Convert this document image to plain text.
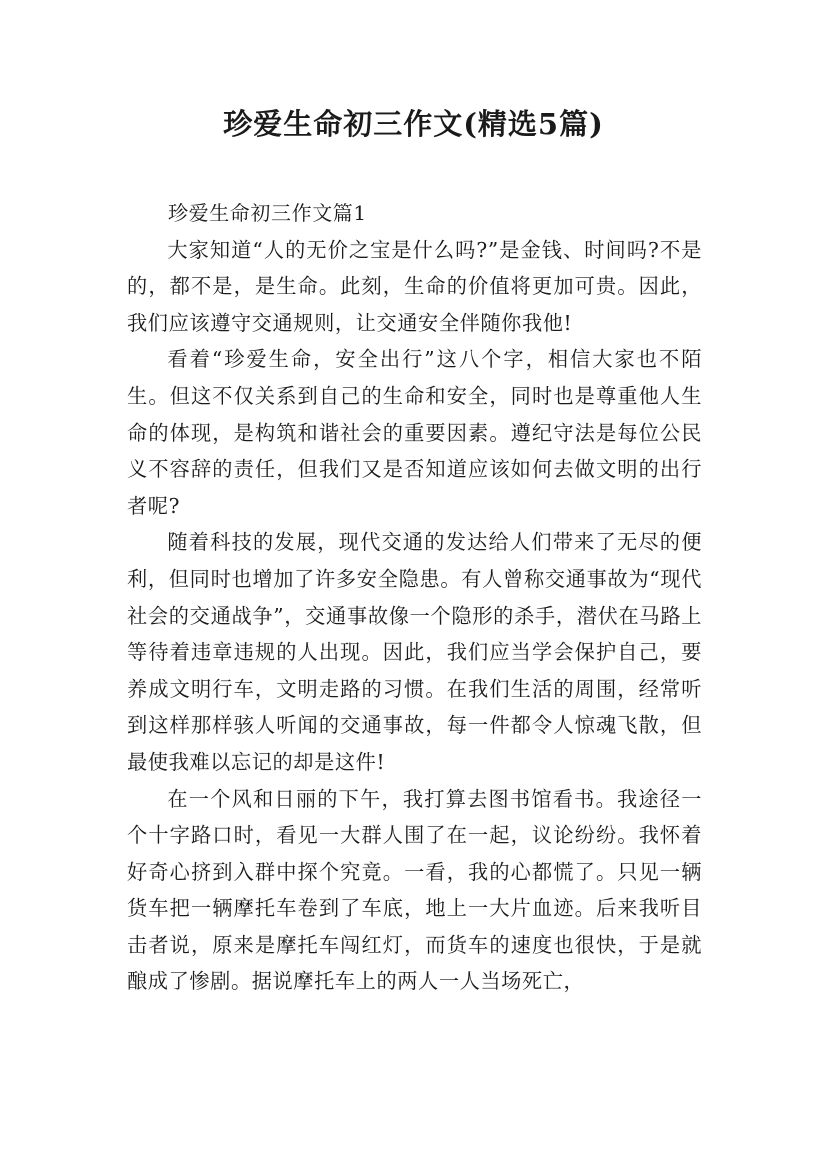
珍爱生命初三作文(精选5篇)
珍爱生命初三作文篇1

大家知道“人的无价之宝是什么吗?”是金钱、时间吗?不是的，都不是，是生命。此刻，生命的价值将更加可贵。因此，我们应该遵守交通规则，让交通安全伴随你我他!

看着“珍爱生命，安全出行”这八个字，相信大家也不陌生。但这不仅关系到自己的生命和安全，同时也是尊重他人生命的体现，是构筑和谐社会的重要因素。遵纪守法是每位公民义不容辞的责任，但我们又是否知道应该如何去做文明的出行者呢?

随着科技的发展，现代交通的发达给人们带来了无尽的便利，但同时也增加了许多安全隐患。有人曾称交通事故为“现代社会的交通战争”，交通事故像一个隐形的杀手，潜伏在马路上等待着违章违规的人出现。因此，我们应当学会保护自己，要养成文明行车，文明走路的习惯。在我们生活的周围，经常听到这样那样骇人听闻的交通事故，每一件都令人惊魂飞散，但最使我难以忘记的却是这件!

在一个风和日丽的下午，我打算去图书馆看书。我途径一个十字路口时，看见一大群人围了在一起，议论纷纷。我怀着好奇心挤到入群中探个究竟。一看，我的心都慌了。只见一辆货车把一辆摩托车卷到了车底，地上一大片血迹。后来我听目击者说，原来是摩托车闯红灯，而货车的速度也很快，于是就酿成了惨剧。据说摩托车上的两人一人当场死亡，
